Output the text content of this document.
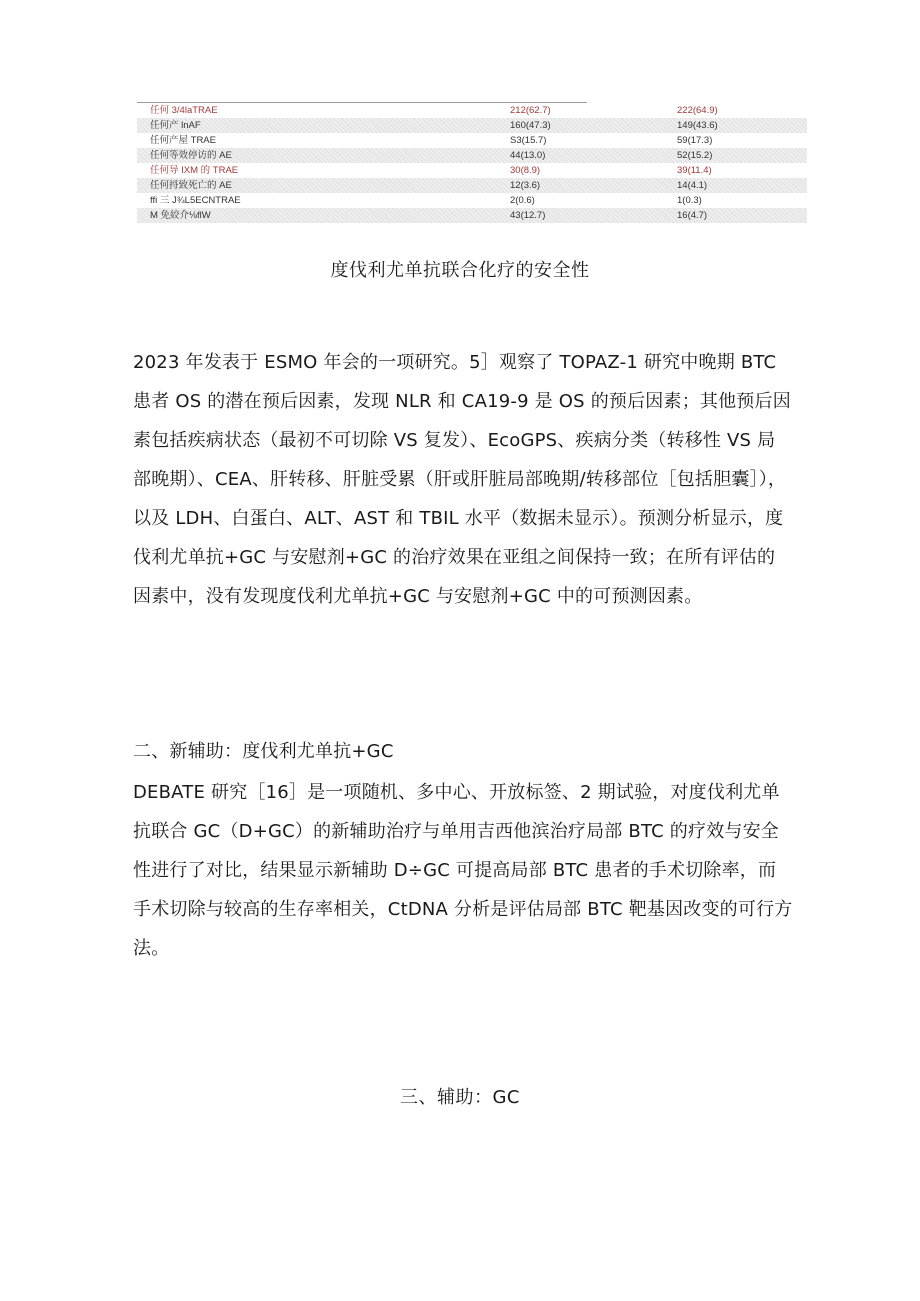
任何 3/4laTRAE	212(62.7)	222(64.9)
任何产 lnAF	160(47.3)	149(43.6)
任何产屋 TRAE	S3(15.7)	59(17.3)
任何等效停访的 AE	44(13.0)	52(15.2)
任何导 IXM 的 TRAE	30(8.9)	39(11.4)
任何捋致死亡的 AE	12(3.6)	14(4.1)
ffi 三 J¾L5ECNTRAE	2(0.6)	1(0.3)
M 免絞介⅛flW	43(12.7)	16(4.7)
度伐利尤单抗联合化疗的安全性

2023 年发表于 ESMO 年会的一项研究。5］观察了 TOPAZ-1 研究中晚期 BTC 患者 OS 的潜在预后因素，发现 NLR 和 CA19-9 是 OS 的预后因素；其他预后因素包括疾病状态（最初不可切除 VS 复发）、EcoGPS、疾病分类（转移性 VS 局部晚期）、CEA、肝转移、肝脏受累（肝或肝脏局部晚期/转移部位［包括胆囊］），以及 LDH、白蛋白、ALT、AST 和 TBIL 水平（数据未显示）。预测分析显示，度伐利尤单抗+GC 与安慰剂+GC 的治疗效果在亚组之间保持一致；在所有评估的因素中，没有发现度伐利尤单抗+GC 与安慰剂+GC 中的可预测因素。

二、新辅助：度伐利尤单抗+GC

DEBATE 研究［16］是一项随机、多中心、开放标签、2 期试验，对度伐利尤单抗联合 GC（D+GC）的新辅助治疗与单用吉西他滨治疗局部 BTC 的疗效与安全性进行了对比，结果显示新辅助 D÷GC 可提高局部 BTC 患者的手术切除率，而手术切除与较高的生存率相关，CtDNA 分析是评估局部 BTC 靶基因改变的可行方法。

三、辅助：GC
